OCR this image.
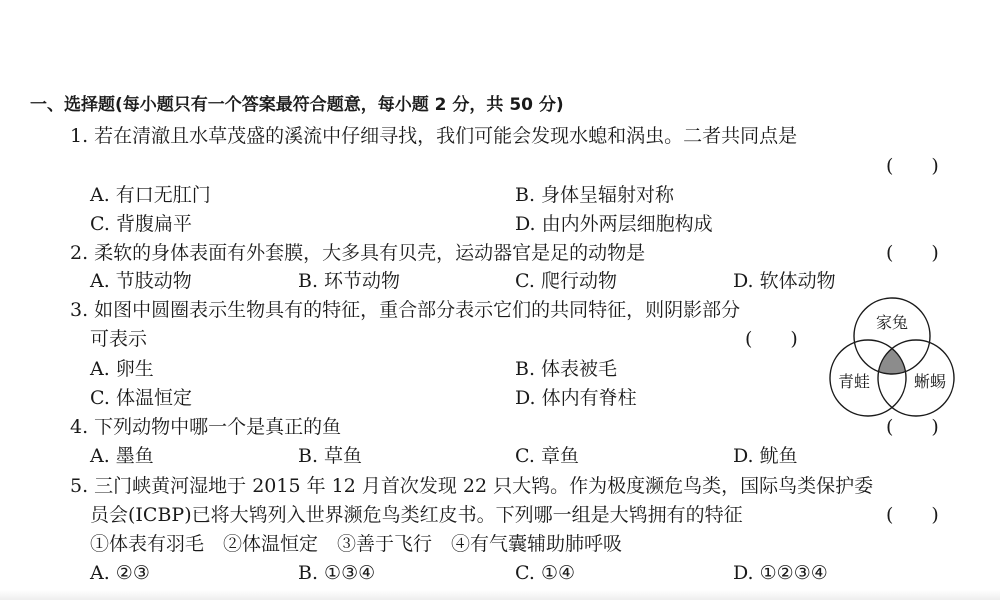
一、选择题(每小题只有一个答案最符合题意，每小题 2 分，共 50 分)
1. 若在清澈且水草茂盛的溪流中仔细寻找，我们可能会发现水螅和涡虫。二者共同点是
(　　)
A. 有口无肛门	B. 身体呈辐射对称
C. 背腹扁平	D. 由内外两层细胞构成
2. 柔软的身体表面有外套膜，大多具有贝壳，运动器官是足的动物是	(　　)
A. 节肢动物	B. 环节动物	C. 爬行动物	D. 软体动物
3. 如图中圆圈表示生物具有的特征，重合部分表示它们的共同特征，则阴影部分
可表示	(　　)
A. 卵生	B. 体表被毛
C. 体温恒定	D. 体内有脊柱
家兔
青蛙	蜥蜴
4. 下列动物中哪一个是真正的鱼	(　　)
A. 墨鱼	B. 草鱼	C. 章鱼	D. 鱿鱼
5. 三门峡黄河湿地于 2015 年 12 月首次发现 22 只大鸨。作为极度濒危鸟类，国际鸟类保护委
员会(ICBP)已将大鸨列入世界濒危鸟类红皮书。下列哪一组是大鸨拥有的特征	(　　)
①体表有羽毛　②体温恒定　③善于飞行　④有气囊辅助肺呼吸
A. ②③	B. ①③④	C. ①④	D. ①②③④
